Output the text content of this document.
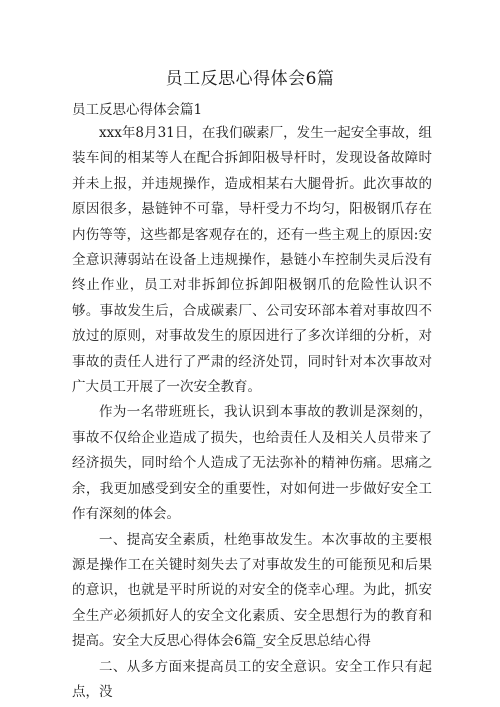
员工反思心得体会6篇
员工反思心得体会篇1

xxx年8月31日，在我们碳素厂，发生一起安全事故，组装车间的相某等人在配合拆卸阳极导杆时，发现设备故障时并未上报，并违规操作，造成相某右大腿骨折。此次事故的原因很多，悬链钟不可靠，导杆受力不均匀，阳极钢爪存在内伤等等，这些都是客观存在的，还有一些主观上的原因:安全意识薄弱站在设备上违规操作，悬链小车控制失灵后没有终止作业，员工对非拆卸位拆卸阳极钢爪的危险性认识不够。事故发生后，合成碳素厂、公司安环部本着对事故四不放过的原则，对事故发生的原因进行了多次详细的分析，对事故的责任人进行了严肃的经济处罚，同时针对本次事故对广大员工开展了一次安全教育。

作为一名带班班长，我认识到本事故的教训是深刻的，事故不仅给企业造成了损失，也给责任人及相关人员带来了经济损失，同时给个人造成了无法弥补的精神伤痛。思痛之余，我更加感受到安全的重要性，对如何进一步做好安全工作有深刻的体会。

一、提高安全素质，杜绝事故发生。本次事故的主要根源是操作工在关键时刻失去了对事故发生的可能预见和后果的意识，也就是平时所说的对安全的侥幸心理。为此，抓安全生产必须抓好人的安全文化素质、安全思想行为的教育和提高。安全大反思心得体会6篇_安全反思总结心得

二、从多方面来提高员工的安全意识。安全工作只有起点，没
